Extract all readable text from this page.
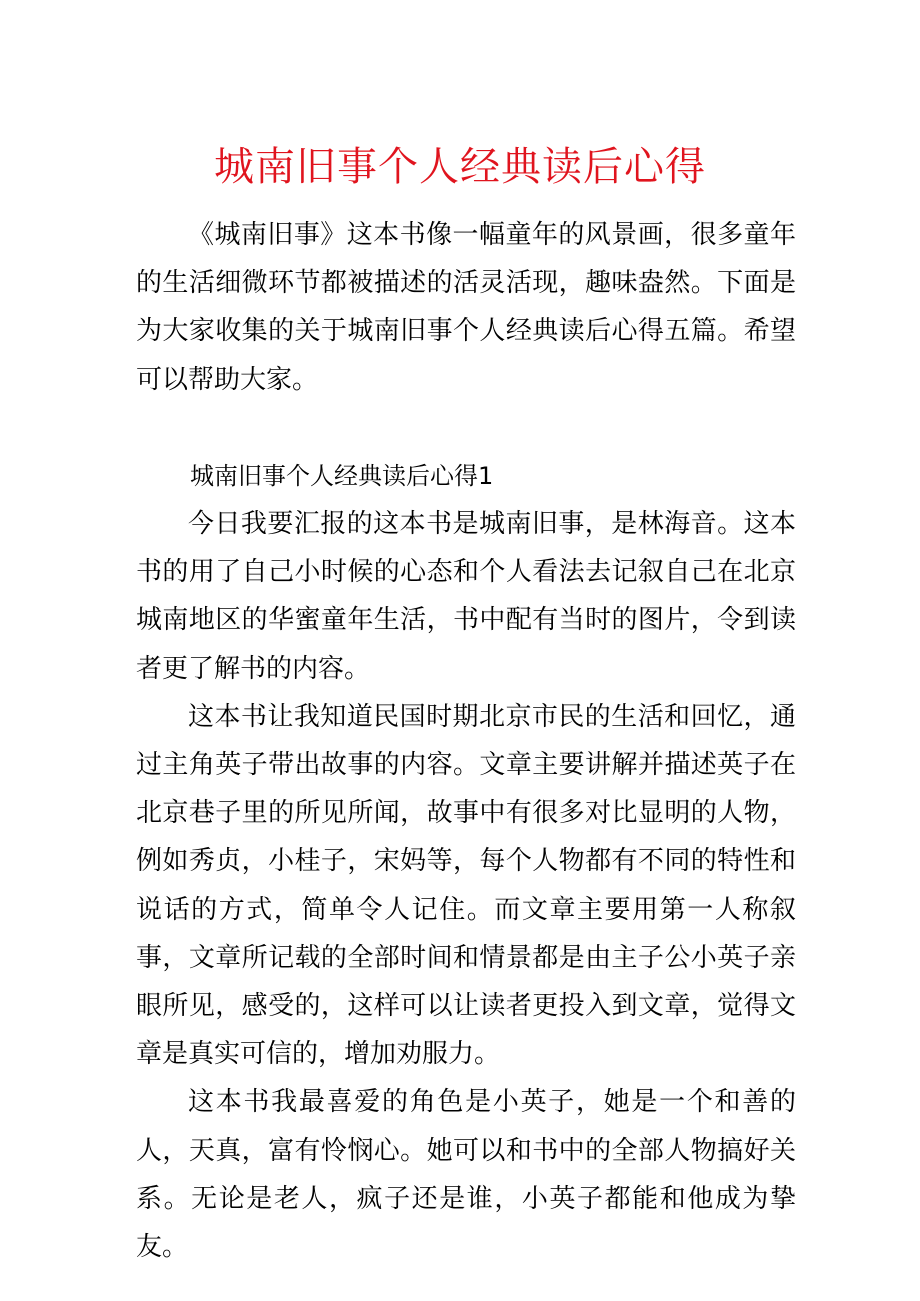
城南旧事个人经典读后心得

《城南旧事》这本书像一幅童年的风景画，很多童年的生活细微环节都被描述的活灵活现，趣味盎然。下面是为大家收集的关于城南旧事个人经典读后心得五篇。希望可以帮助大家。

城南旧事个人经典读后心得1

今日我要汇报的这本书是城南旧事，是林海音。这本书的用了自己小时候的心态和个人看法去记叙自己在北京城南地区的华蜜童年生活，书中配有当时的图片，令到读者更了解书的内容。

这本书让我知道民国时期北京市民的生活和回忆，通过主角英子带出故事的内容。文章主要讲解并描述英子在北京巷子里的所见所闻，故事中有很多对比显明的人物，例如秀贞，小桂子，宋妈等，每个人物都有不同的特性和说话的方式，简单令人记住。而文章主要用第一人称叙事，文章所记载的全部时间和情景都是由主子公小英子亲眼所见，感受的，这样可以让读者更投入到文章，觉得文章是真实可信的，增加劝服力。

这本书我最喜爱的角色是小英子，她是一个和善的人，天真，富有怜悯心。她可以和书中的全部人物搞好关系。无论是老人，疯子还是谁，小英子都能和他成为挚友。
